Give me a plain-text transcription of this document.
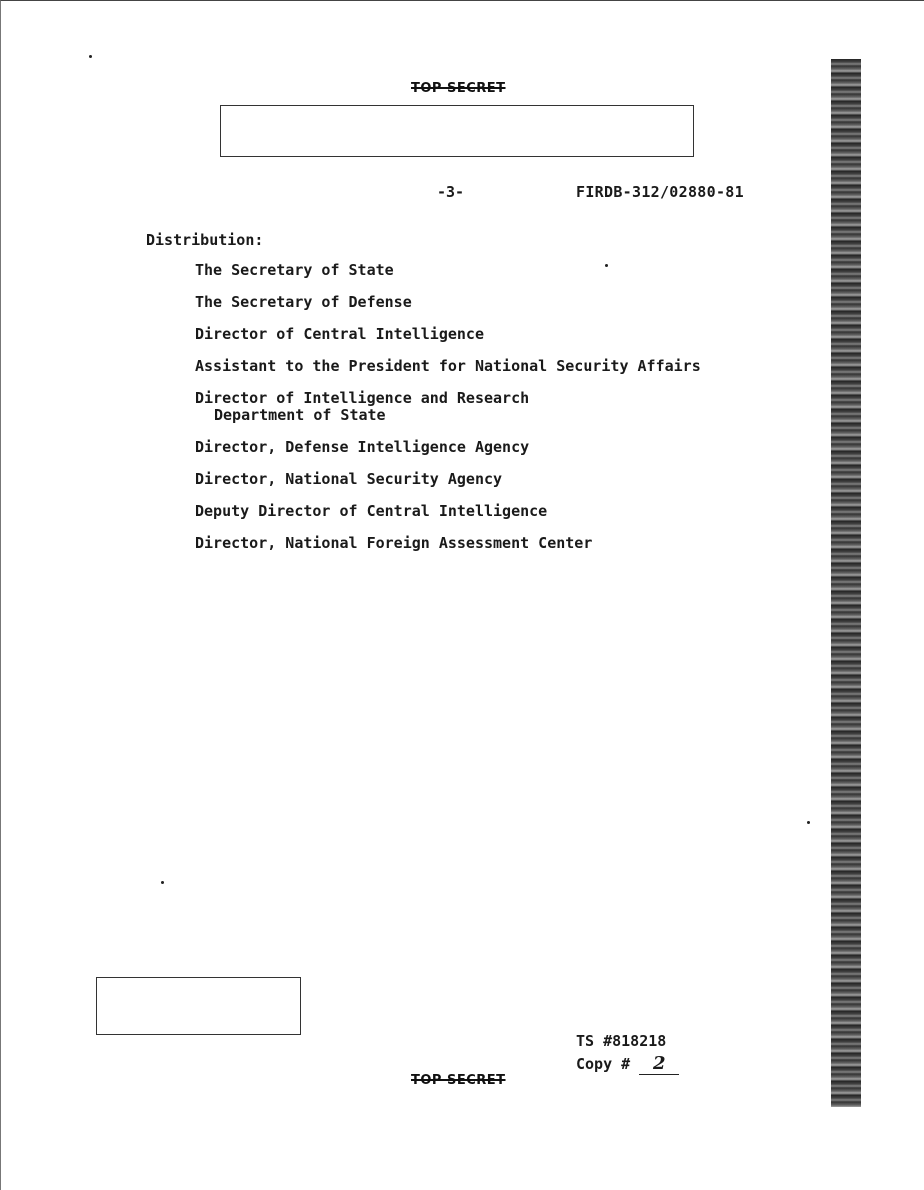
TOP SECRET
-3-	FIRDB-312/02880-81
Distribution:
The Secretary of State
The Secretary of Defense
Director of Central Intelligence
Assistant to the President for National Security Affairs
Director of Intelligence and Research
Department of State
Director, Defense Intelligence Agency
Director, National Security Agency
Deputy Director of Central Intelligence
Director, National Foreign Assessment Center
TS #818218
Copy # 2
TOP SECRET
